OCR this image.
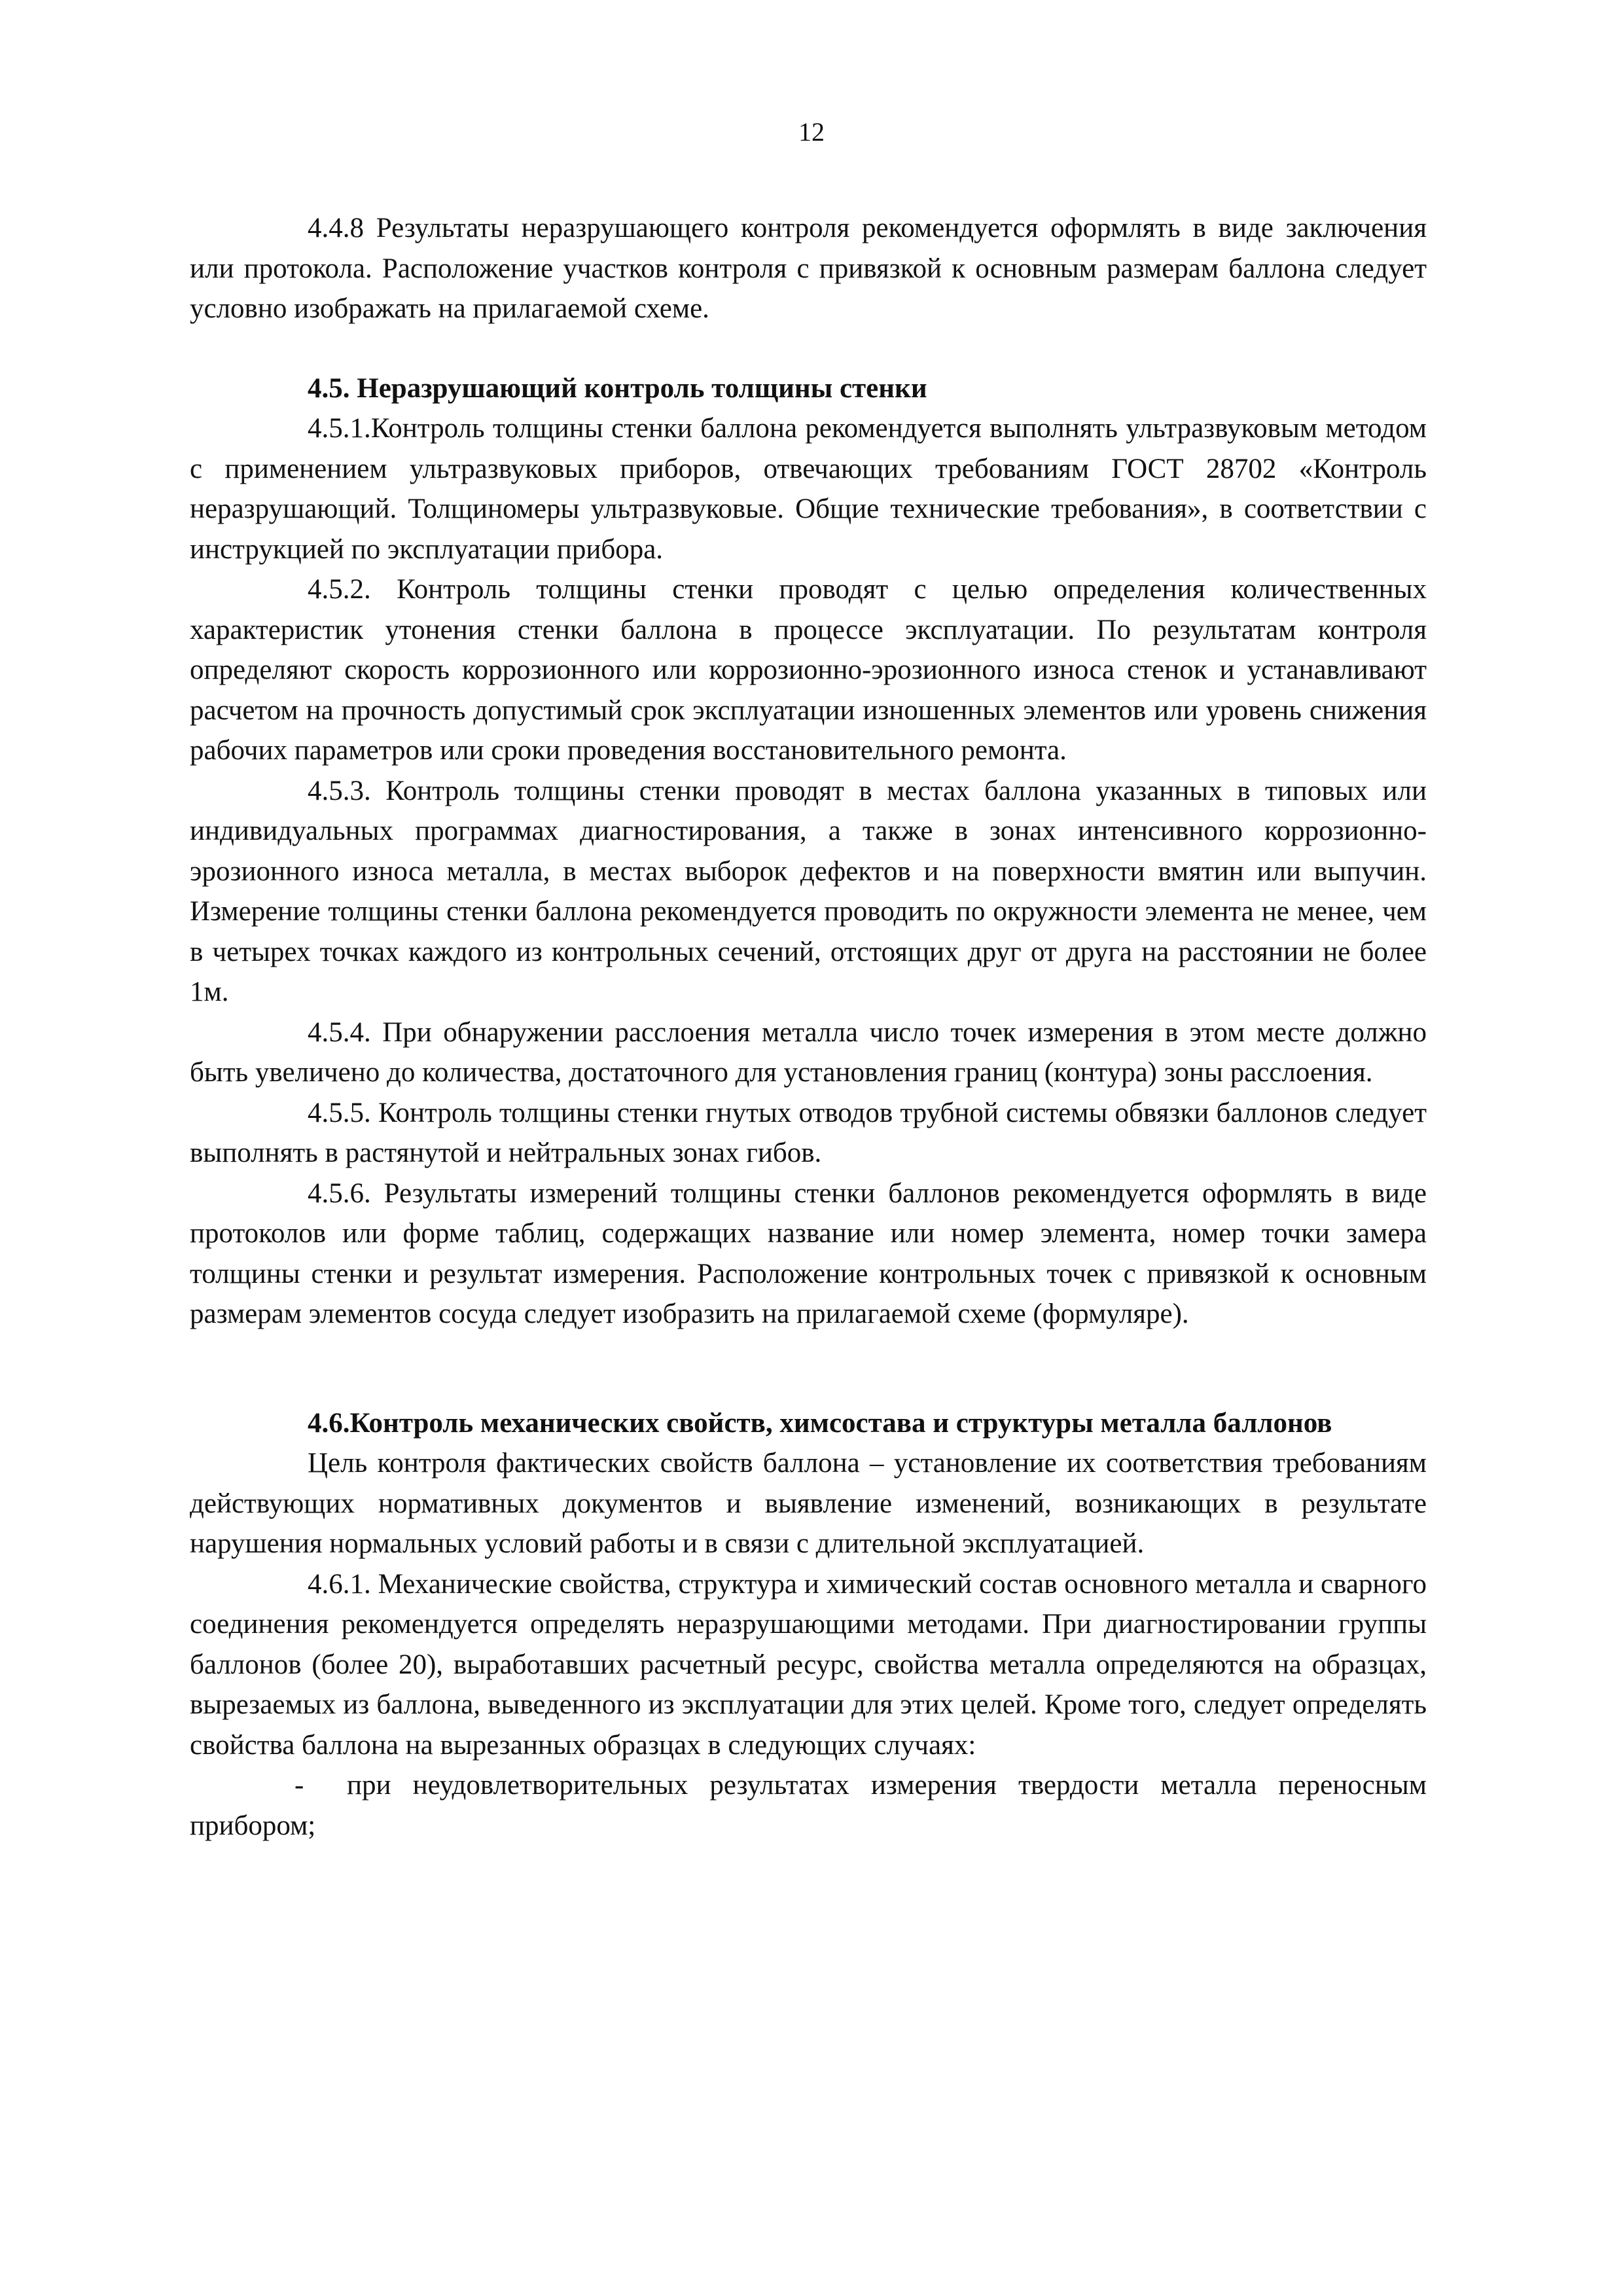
12

4.4.8 Результаты неразрушающего контроля рекомендуется оформлять в виде заключения или протокола. Расположение участков контроля с привязкой к основным размерам баллона следует условно изображать на прилагаемой схеме.

4.5. Неразрушающий контроль толщины стенки

4.5.1.Контроль толщины стенки баллона рекомендуется выполнять ультразвуковым методом с применением ультразвуковых приборов, отвечающих требованиям ГОСТ 28702 «Контроль неразрушающий. Толщиномеры ультразвуковые. Общие технические требования», в соответствии с инструкцией по эксплуатации прибора.

4.5.2. Контроль толщины стенки проводят с целью определения количественных характеристик утонения стенки баллона в процессе эксплуатации. По результатам контроля определяют скорость коррозионного или коррозионно-эрозионного износа стенок и устанавливают расчетом на прочность допустимый срок эксплуатации изношенных элементов или уровень снижения рабочих параметров или сроки проведения восстановительного ремонта.

4.5.3. Контроль толщины стенки проводят в местах баллона указанных в типовых или индивидуальных программах диагностирования, а также в зонах интенсивного коррозионно-эрозионного износа металла, в местах выборок дефектов и на поверхности вмятин или выпучин. Измерение толщины стенки баллона рекомендуется проводить по окружности элемента не менее, чем в четырех точках каждого из контрольных сечений, отстоящих друг от друга на расстоянии не более 1м.

4.5.4. При обнаружении расслоения металла число точек измерения в этом месте должно быть увеличено до количества, достаточного для установления границ (контура) зоны расслоения.

4.5.5. Контроль толщины стенки гнутых отводов трубной системы обвязки баллонов следует выполнять в растянутой и нейтральных зонах гибов.

4.5.6. Результаты измерений толщины стенки баллонов рекомендуется оформлять в виде протоколов или форме таблиц, содержащих название или номер элемента, номер точки замера толщины стенки и результат измерения. Расположение контрольных точек с привязкой к основным размерам элементов сосуда следует изобразить на прилагаемой схеме (формуляре).

4.6.Контроль механических свойств, химсостава и структуры металла баллонов

Цель контроля фактических свойств баллона – установление их соответствия требованиям действующих нормативных документов и выявление изменений, возникающих в результате нарушения нормальных условий работы и в связи с длительной эксплуатацией.

4.6.1. Механические свойства, структура и химический состав основного металла и сварного соединения рекомендуется определять неразрушающими методами. При диагностировании группы баллонов (более 20), выработавших расчетный ресурс, свойства металла определяются на образцах, вырезаемых из баллона, выведенного из эксплуатации для этих целей. Кроме того, следует определять свойства баллона на вырезанных образцах в следующих случаях:

- при неудовлетворительных результатах измерения твердости металла переносным прибором;
